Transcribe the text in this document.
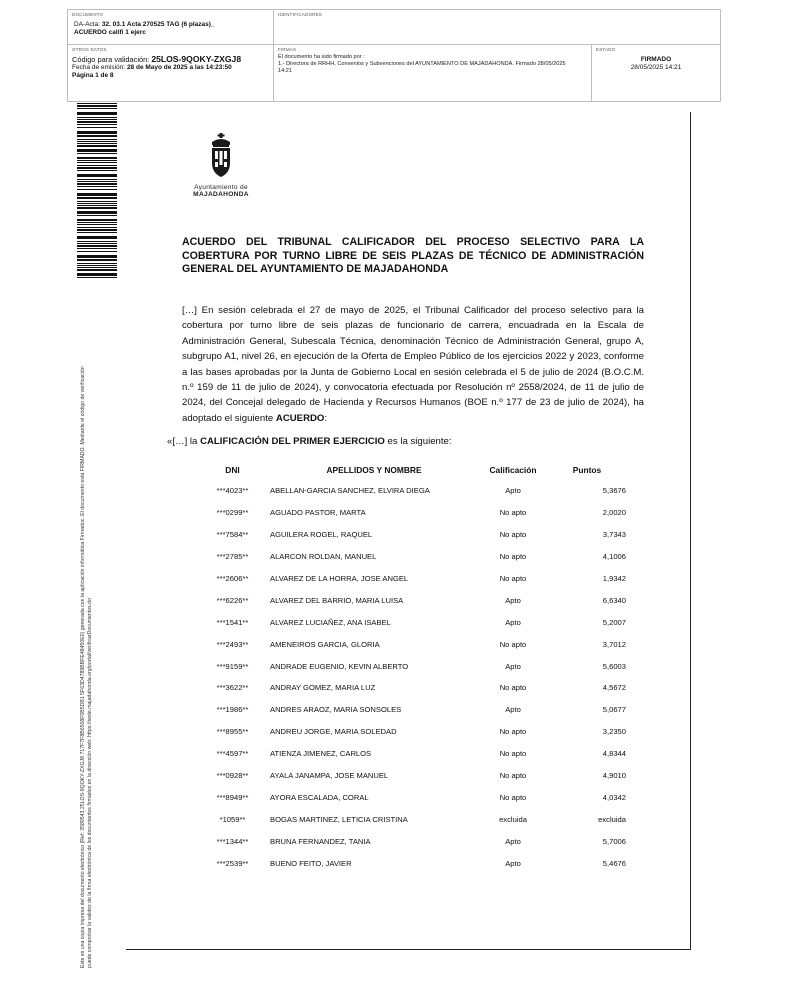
DOCUMENTO
DA-Acta: 32. 03.1 Acta 270525 TAG (6 plazas)_
ACUERDO califi 1 ejerc
IDENTIFICADORES
OTROS DATOS
Código para validación: 25LOS-9QOKY-ZXGJ8
Fecha de emisión: 28 de Mayo de 2025 a las 14:23:50
Página 1 de 8
FIRMAS
El documento ha sido firmado por :
1.- Directora de RRHH, Convenios y Subvenciones del AYUNTAMIENTO DE MAJADAHONDA. Firmado 28/05/2025
14:21
ESTADO
FIRMADO
28/05/2025 14:21
Este es una copia impresa del documento electrónico (Ref: 3589543 25LOS-9QOKY-ZXGJ8 717F7F8B6508F0B5DB1 5F63D4789BBFE48450E0) generada con la aplicación informática Firmadoc. El documento está FIRMADO. Mediante el código de verificación puede comprobar la validez de la firma electrónica de los documentos firmados en la dirección web: https://sede.majadahonda.org/portal/verificarDocumentos.do
Ayuntamiento de
MAJADAHONDA
ACUERDO DEL TRIBUNAL CALIFICADOR DEL PROCESO SELECTIVO PARA LA COBERTURA POR TURNO LIBRE DE SEIS PLAZAS DE TÉCNICO DE ADMINISTRACIÓN GENERAL DEL AYUNTAMIENTO DE MAJADAHONDA
[…] En sesión celebrada el 27 de mayo de 2025, el Tribunal Calificador del proceso selectivo para la cobertura por turno libre de seis plazas de funcionario de carrera, encuadrada en la Escala de Administración General, Subescala Técnica, denominación Técnico de Administración General, grupo A, subgrupo A1, nivel 26, en ejecución de la Oferta de Empleo Público de los ejercicios 2022 y 2023, conforme a las bases aprobadas por la Junta de Gobierno Local en sesión celebrada el 5 de julio de 2024 (B.O.C.M. n.º 159 de 11 de julio de 2024), y convocatoria efectuada por Resolución nº 2558/2024, de 11 de julio de 2024, del Concejal delegado de Hacienda y Recursos Humanos (BOE n.º 177 de 23 de julio de 2024), ha adoptado el siguiente ACUERDO:
«[…] la CALIFICACIÓN DEL PRIMER EJERCICIO es la siguiente:
DNI	APELLIDOS Y NOMBRE	Calificación	Puntos
***4023**	ABELLAN-GARCIA SANCHEZ, ELVIRA DIEGA	Apto	5,3676
***0299**	AGUADO PASTOR, MARTA	No apto	2,0020
***7584**	AGUILERA ROGEL, RAQUEL	No apto	3,7343
***2785**	ALARCON ROLDAN, MANUEL	No apto	4,1006
***2606**	ALVAREZ DE LA HORRA, JOSE ANGEL	No apto	1,9342
***6226**	ALVAREZ DEL BARRIO, MARIA LUISA	Apto	6,6340
***1541**	ALVAREZ LUCIAÑEZ, ANA ISABEL	Apto	5,2007
***2493**	AMENEIROS GARCIA, GLORIA	No apto	3,7012
***9159**	ANDRADE EUGENIO, KEVIN ALBERTO	Apto	5,6003
***3622**	ANDRAY GOMEZ, MARIA LUZ	No apto	4,5672
***1986**	ANDRES ARAOZ, MARIA SONSOLES	Apto	5,0677
***8955**	ANDREU JORGE, MARIA SOLEDAD	No apto	3,2350
***4597**	ATIENZA JIMENEZ, CARLOS	No apto	4,8344
***0928**	AYALA JANAMPA, JOSE MANUEL	No apto	4,9010
***8949**	AYORA ESCALADA, CORAL	No apto	4,0342
*1059**	BOGAS MARTINEZ, LETICIA CRISTINA	excluida	excluida
***1344**	BRUNA FERNANDEZ, TANIA	Apto	5,7006
***2539**	BUENO FEITO, JAVIER	Apto	5,4676
